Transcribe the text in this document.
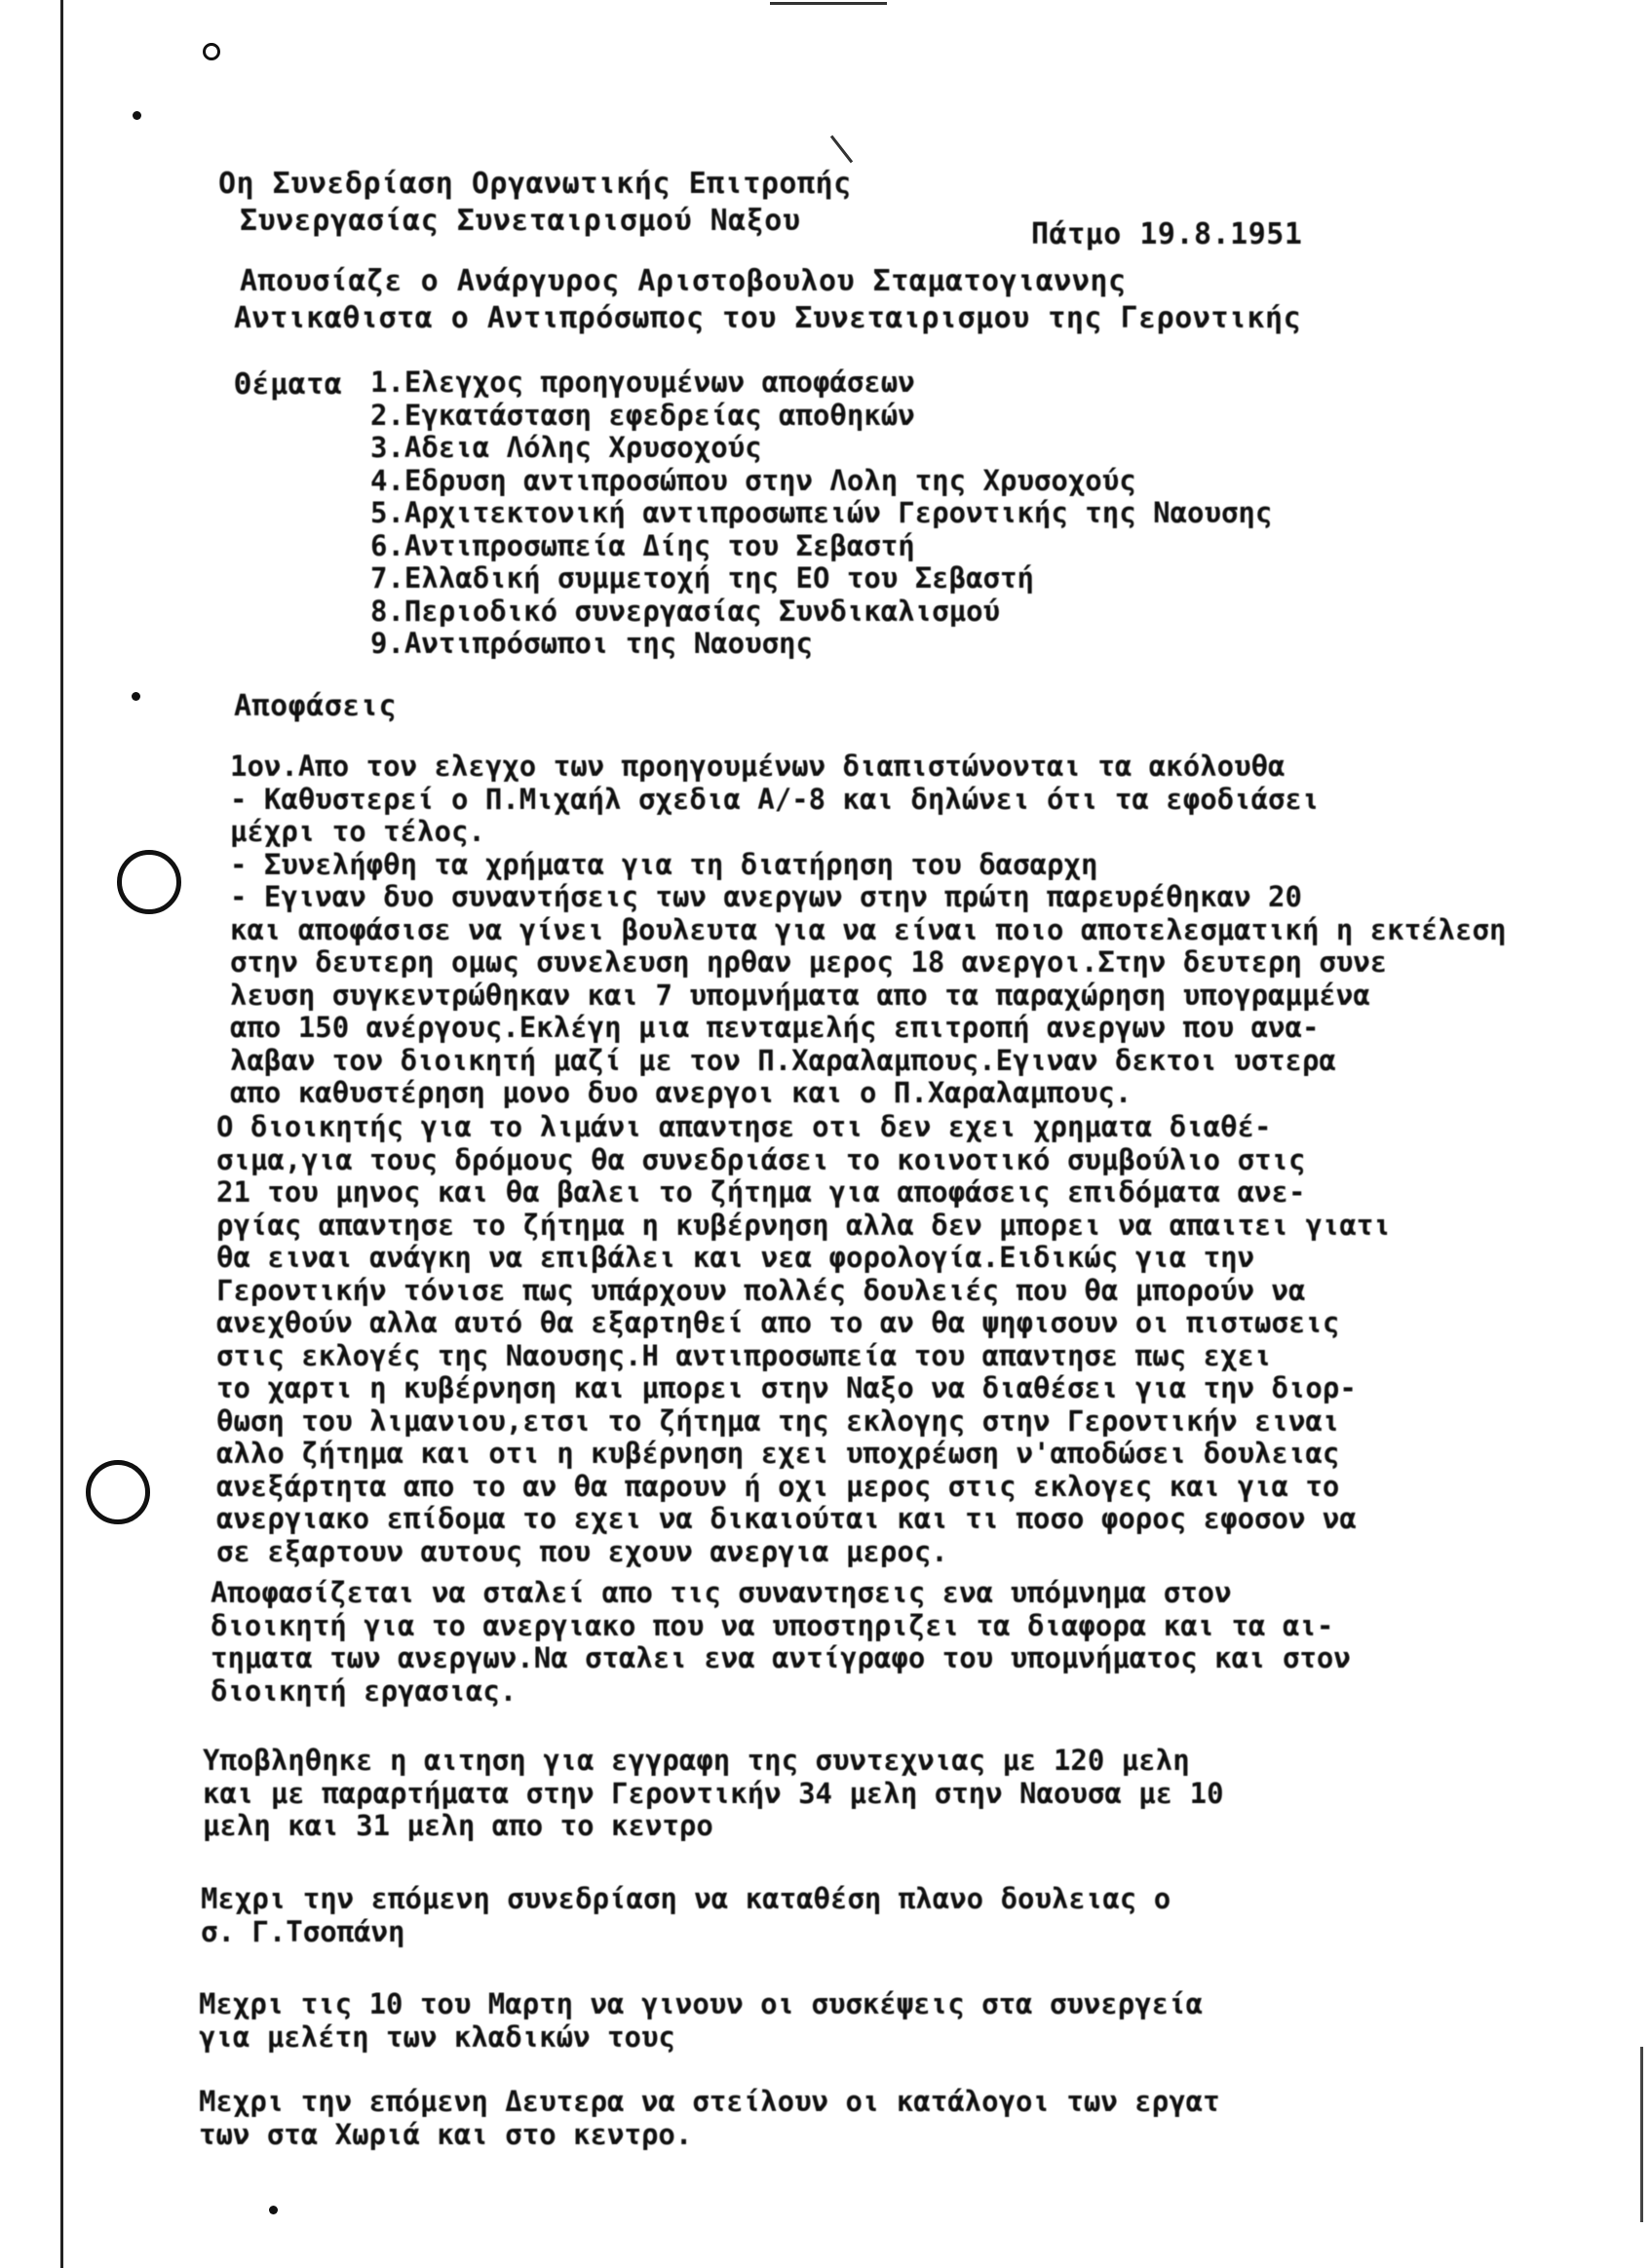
Οη Συνεδρίαση Οργανωτικής Επιτροπής
Συνεργασίας Συνεταιρισμού Ναξου	Πάτμο 19.8.1951
Απουσίαζε ο Ανάργυρος Αριστοβουλου Σταματογιαννης
Αντικαθιστα ο Αντιπρόσωπος του Συνεταιρισμου της Γεροντικής
Θέματα 1.Ελεγχος προηγουμένων αποφάσεων
2.Εγκατάσταση εφεδρείας αποθηκών
3.Αδεια Λόλης Χρυσοχούς
4.Εδρυση αντιπροσώπου στην Λολη της Χρυσοχούς
5.Αρχιτεκτονική αντιπροσωπειών Γεροντικής της Ναουσης
6.Αντιπροσωπεία Δίης του Σεβαστή
7.Ελλαδική συμμετοχή της ΕΟ του Σεβαστή
8.Περιοδικό συνεργασίας Συνδικαλισμού
9.Αντιπρόσωποι της Ναουσης
Αποφάσεις
1ον.Απο τον ελεγχο των προηγουμένων διαπιστώνονται τα ακόλουθα
- Καθυστερεί ο Π.Μιχαήλ σχεδια Α/-8 και δηλώνει ότι τα εφοδιάσει
μέχρι το τέλος.
- Συνελήφθη τα χρήματα για τη διατήρηση του δασαρχη
- Εγιναν δυο συναντήσεις των ανεργων στην πρώτη παρευρέθηκαν 20
και αποφάσισε να γίνει βουλευτα για να είναι ποιο αποτελεσματική η εκτέλεση
στην δευτερη ομως συνελευση ηρθαν μερος 18 ανεργοι.Στην δευτερη συνε
λευση συγκεντρώθηκαν και 7 υπομνήματα απο τα παραχώρηση υπογραμμένα
απο 150 ανέργους.Εκλέγη μια πενταμελής επιτροπή ανεργων που ανα-
λαβαν τον διοικητή μαζί με τον Π.Χαραλαμπους.Εγιναν δεκτοι υστερα
απο καθυστέρηση μονο δυο ανεργοι και ο Π.Χαραλαμπους.
Ο διοικητής για το λιμάνι απαντησε οτι δεν εχει χρηματα διαθέ-
σιμα,για τους δρόμους θα συνεδριάσει το κοινοτικό συμβούλιο στις
21 του μηνος και θα βαλει το ζήτημα για αποφάσεις επιδόματα ανε-
ργίας απαντησε το ζήτημα η κυβέρνηση αλλα δεν μπορει να απαιτει γιατι
θα ειναι ανάγκη να επιβάλει και νεα φορολογία.Ειδικώς για την
Γεροντικήν τόνισε πως υπάρχουν πολλές δουλειές που θα μπορούν να
ανεχθούν αλλα αυτό θα εξαρτηθεί απο το αν θα ψηφισουν οι πιστωσεις
στις εκλογές της Ναουσης.Η αντιπροσωπεία του απαντησε πως εχει
το χαρτι η κυβέρνηση και μπορει στην Ναξο να διαθέσει για την διορ-
θωση του λιμανιου,ετσι το ζήτημα της εκλογης στην Γεροντικήν ειναι
αλλο ζήτημα και οτι η κυβέρνηση εχει υποχρέωση ν'αποδώσει δουλειας
ανεξάρτητα απο το αν θα παρουν ή οχι μερος στις εκλογες και για το
ανεργιακο επίδομα το εχει να δικαιούται και τι ποσο φορος εφοσον να
σε εξαρτουν αυτους που εχουν ανεργια μερος.
Αποφασίζεται να σταλεί απο τις συναντησεις ενα υπόμνημα στον
διοικητή για το ανεργιακο που να υποστηριζει τα διαφορα και τα αι-
τηματα των ανεργων.Να σταλει ενα αντίγραφο του υπομνήματος και στον
διοικητή εργασιας.
Υποβληθηκε η αιτηση για εγγραφη της συντεχνιας με 120 μελη
και με παραρτήματα στην Γεροντικήν 34 μελη στην Ναουσα με 10
μελη και 31 μελη απο το κεντρο
Μεχρι την επόμενη συνεδρίαση να καταθέση πλανο δουλειας ο
σ. Γ.Τσοπάνη
Μεχρι τις 10 του Μαρτη να γινουν οι συσκέψεις στα συνεργεία
για μελέτη των κλαδικών τους
Μεχρι την επόμενη Δευτερα να στείλουν οι κατάλογοι των εργατ
των στα Χωριά και στο κεντρο.
